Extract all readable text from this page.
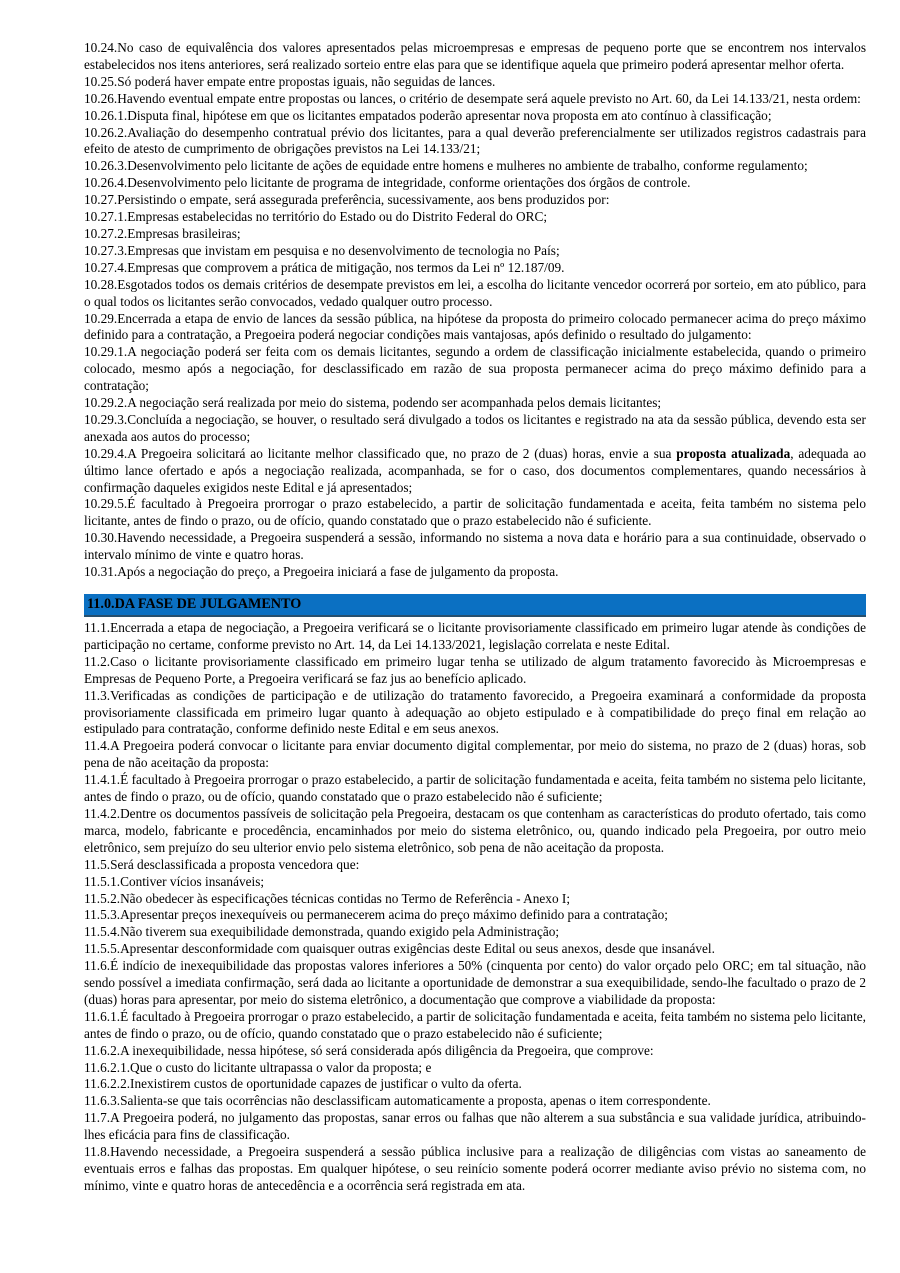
10.24.No caso de equivalência dos valores apresentados pelas microempresas e empresas de pequeno porte que se encontrem nos intervalos estabelecidos nos itens anteriores, será realizado sorteio entre elas para que se identifique aquela que primeiro poderá apresentar melhor oferta.
10.25.Só poderá haver empate entre propostas iguais, não seguidas de lances.
10.26.Havendo eventual empate entre propostas ou lances, o critério de desempate será aquele previsto no Art. 60, da Lei 14.133/21, nesta ordem:
10.26.1.Disputa final, hipótese em que os licitantes empatados poderão apresentar nova proposta em ato contínuo à classificação;
10.26.2.Avaliação do desempenho contratual prévio dos licitantes, para a qual deverão preferencialmente ser utilizados registros cadastrais para efeito de atesto de cumprimento de obrigações previstos na Lei 14.133/21;
10.26.3.Desenvolvimento pelo licitante de ações de equidade entre homens e mulheres no ambiente de trabalho, conforme regulamento;
10.26.4.Desenvolvimento pelo licitante de programa de integridade, conforme orientações dos órgãos de controle.
10.27.Persistindo o empate, será assegurada preferência, sucessivamente, aos bens produzidos por:
10.27.1.Empresas estabelecidas no território do Estado ou do Distrito Federal do ORC;
10.27.2.Empresas brasileiras;
10.27.3.Empresas que invistam em pesquisa e no desenvolvimento de tecnologia no País;
10.27.4.Empresas que comprovem a prática de mitigação, nos termos da Lei nº 12.187/09.
10.28.Esgotados todos os demais critérios de desempate previstos em lei, a escolha do licitante vencedor ocorrerá por sorteio, em ato público, para o qual todos os licitantes serão convocados, vedado qualquer outro processo.
10.29.Encerrada a etapa de envio de lances da sessão pública, na hipótese da proposta do primeiro colocado permanecer acima do preço máximo definido para a contratação, a Pregoeira poderá negociar condições mais vantajosas, após definido o resultado do julgamento:
10.29.1.A negociação poderá ser feita com os demais licitantes, segundo a ordem de classificação inicialmente estabelecida, quando o primeiro colocado, mesmo após a negociação, for desclassificado em razão de sua proposta permanecer acima do preço máximo definido para a contratação;
10.29.2.A negociação será realizada por meio do sistema, podendo ser acompanhada pelos demais licitantes;
10.29.3.Concluída a negociação, se houver, o resultado será divulgado a todos os licitantes e registrado na ata da sessão pública, devendo esta ser anexada aos autos do processo;
10.29.4.A Pregoeira solicitará ao licitante melhor classificado que, no prazo de 2 (duas) horas, envie a sua proposta atualizada, adequada ao último lance ofertado e após a negociação realizada, acompanhada, se for o caso, dos documentos complementares, quando necessários à confirmação daqueles exigidos neste Edital e já apresentados;
10.29.5.É facultado à Pregoeira prorrogar o prazo estabelecido, a partir de solicitação fundamentada e aceita, feita também no sistema pelo licitante, antes de findo o prazo, ou de ofício, quando constatado que o prazo estabelecido não é suficiente.
10.30.Havendo necessidade, a Pregoeira suspenderá a sessão, informando no sistema a nova data e horário para a sua continuidade, observado o intervalo mínimo de vinte e quatro horas.
10.31.Após a negociação do preço, a Pregoeira iniciará a fase de julgamento da proposta.
11.0.DA FASE DE JULGAMENTO
11.1.Encerrada a etapa de negociação, a Pregoeira verificará se o licitante provisoriamente classificado em primeiro lugar atende às condições de participação no certame, conforme previsto no Art. 14, da Lei 14.133/2021, legislação correlata e neste Edital.
11.2.Caso o licitante provisoriamente classificado em primeiro lugar tenha se utilizado de algum tratamento favorecido às Microempresas e Empresas de Pequeno Porte, a Pregoeira verificará se faz jus ao benefício aplicado.
11.3.Verificadas as condições de participação e de utilização do tratamento favorecido, a Pregoeira examinará a conformidade da proposta provisoriamente classificada em primeiro lugar quanto à adequação ao objeto estipulado e à compatibilidade do preço final em relação ao estipulado para contratação, conforme definido neste Edital e em seus anexos.
11.4.A Pregoeira poderá convocar o licitante para enviar documento digital complementar, por meio do sistema, no prazo de 2 (duas) horas, sob pena de não aceitação da proposta:
11.4.1.É facultado à Pregoeira prorrogar o prazo estabelecido, a partir de solicitação fundamentada e aceita, feita também no sistema pelo licitante, antes de findo o prazo, ou de ofício, quando constatado que o prazo estabelecido não é suficiente;
11.4.2.Dentre os documentos passíveis de solicitação pela Pregoeira, destacam os que contenham as características do produto ofertado, tais como marca, modelo, fabricante e procedência, encaminhados por meio do sistema eletrônico, ou, quando indicado pela Pregoeira, por outro meio eletrônico, sem prejuízo do seu ulterior envio pelo sistema eletrônico, sob pena de não aceitação da proposta.
11.5.Será desclassificada a proposta vencedora que:
11.5.1.Contiver vícios insanáveis;
11.5.2.Não obedecer às especificações técnicas contidas no Termo de Referência - Anexo I;
11.5.3.Apresentar preços inexequíveis ou permanecerem acima do preço máximo definido para a contratação;
11.5.4.Não tiverem sua exequibilidade demonstrada, quando exigido pela Administração;
11.5.5.Apresentar desconformidade com quaisquer outras exigências deste Edital ou seus anexos, desde que insanável.
11.6.É indício de inexequibilidade das propostas valores inferiores a 50% (cinquenta por cento) do valor orçado pelo ORC; em tal situação, não sendo possível a imediata confirmação, será dada ao licitante a oportunidade de demonstrar a sua exequibilidade, sendo-lhe facultado o prazo de 2 (duas) horas para apresentar, por meio do sistema eletrônico, a documentação que comprove a viabilidade da proposta:
11.6.1.É facultado à Pregoeira prorrogar o prazo estabelecido, a partir de solicitação fundamentada e aceita, feita também no sistema pelo licitante, antes de findo o prazo, ou de ofício, quando constatado que o prazo estabelecido não é suficiente;
11.6.2.A inexequibilidade, nessa hipótese, só será considerada após diligência da Pregoeira, que comprove:
11.6.2.1.Que o custo do licitante ultrapassa o valor da proposta; e
11.6.2.2.Inexistirem custos de oportunidade capazes de justificar o vulto da oferta.
11.6.3.Salienta-se que tais ocorrências não desclassificam automaticamente a proposta, apenas o item correspondente.
11.7.A Pregoeira poderá, no julgamento das propostas, sanar erros ou falhas que não alterem a sua substância e sua validade jurídica, atribuindo-lhes eficácia para fins de classificação.
11.8.Havendo necessidade, a Pregoeira suspenderá a sessão pública inclusive para a realização de diligências com vistas ao saneamento de eventuais erros e falhas das propostas. Em qualquer hipótese, o seu reinício somente poderá ocorrer mediante aviso prévio no sistema com, no mínimo, vinte e quatro horas de antecedência e a ocorrência será registrada em ata.
